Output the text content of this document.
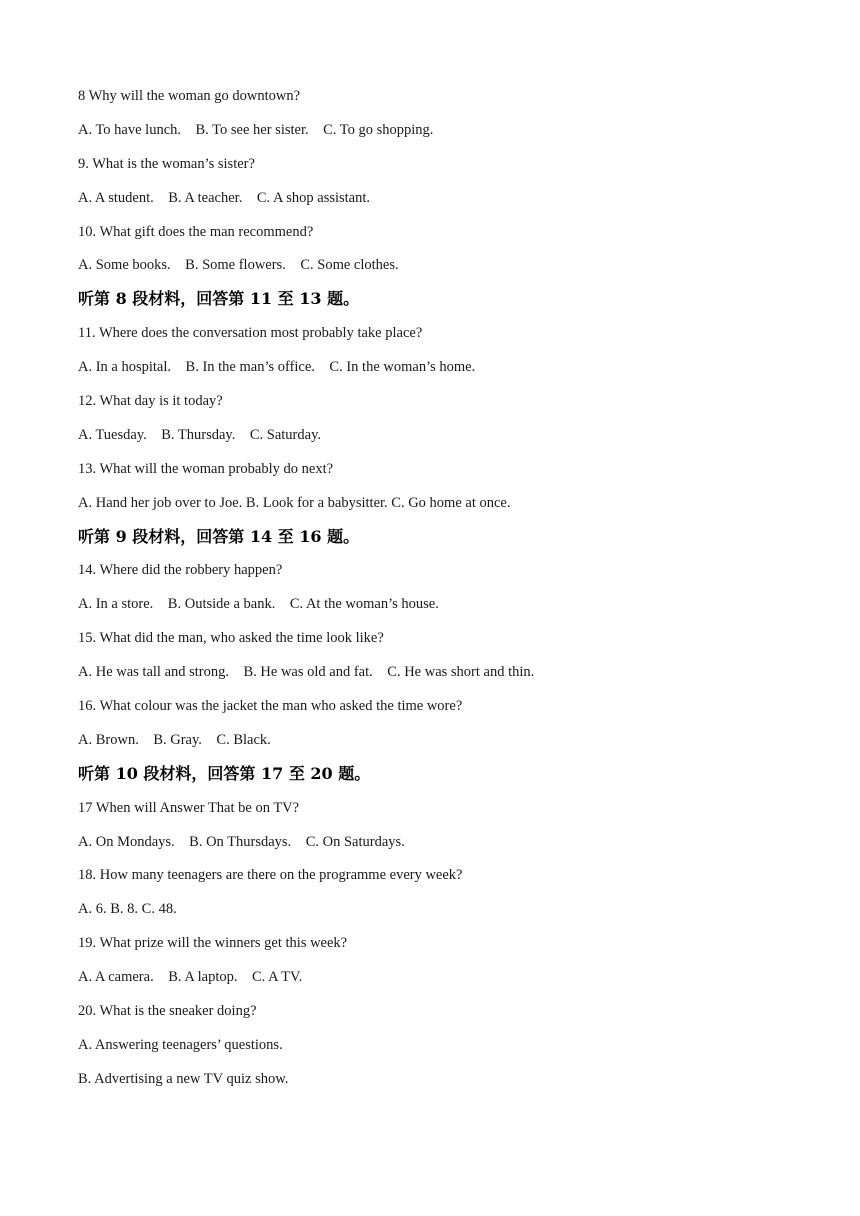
8 Why will the woman go downtown?
A. To have lunch.    B. To see her sister.    C. To go shopping.
9. What is the woman’s sister?
A. A student.    B. A teacher.    C. A shop assistant.
10. What gift does the man recommend?
A. Some books.    B. Some flowers.    C. Some clothes.
听第 8 段材料，回答第 11 至 13 题。
11. Where does the conversation most probably take place?
A. In a hospital.    B. In the man’s office.    C. In the woman’s home.
12. What day is it today?
A. Tuesday.    B. Thursday.    C. Saturday.
13. What will the woman probably do next?
A. Hand her job over to Joe. B. Look for a babysitter. C. Go home at once.
听第 9 段材料，回答第 14 至 16 题。
14. Where did the robbery happen?
A. In a store.    B. Outside a bank.    C. At the woman’s house.
15. What did the man, who asked the time look like?
A. He was tall and strong.    B. He was old and fat.    C. He was short and thin.
16. What colour was the jacket the man who asked the time wore?
A. Brown.    B. Gray.    C. Black.
听第 10 段材料，回答第 17 至 20 题。
17 When will Answer That be on TV?
A. On Mondays.    B. On Thursdays.    C. On Saturdays.
18. How many teenagers are there on the programme every week?
A. 6. B. 8. C. 48.
19. What prize will the winners get this week?
A. A camera.    B. A laptop.    C. A TV.
20. What is the sneaker doing?
A. Answering teenagers’ questions.
B. Advertising a new TV quiz show.
